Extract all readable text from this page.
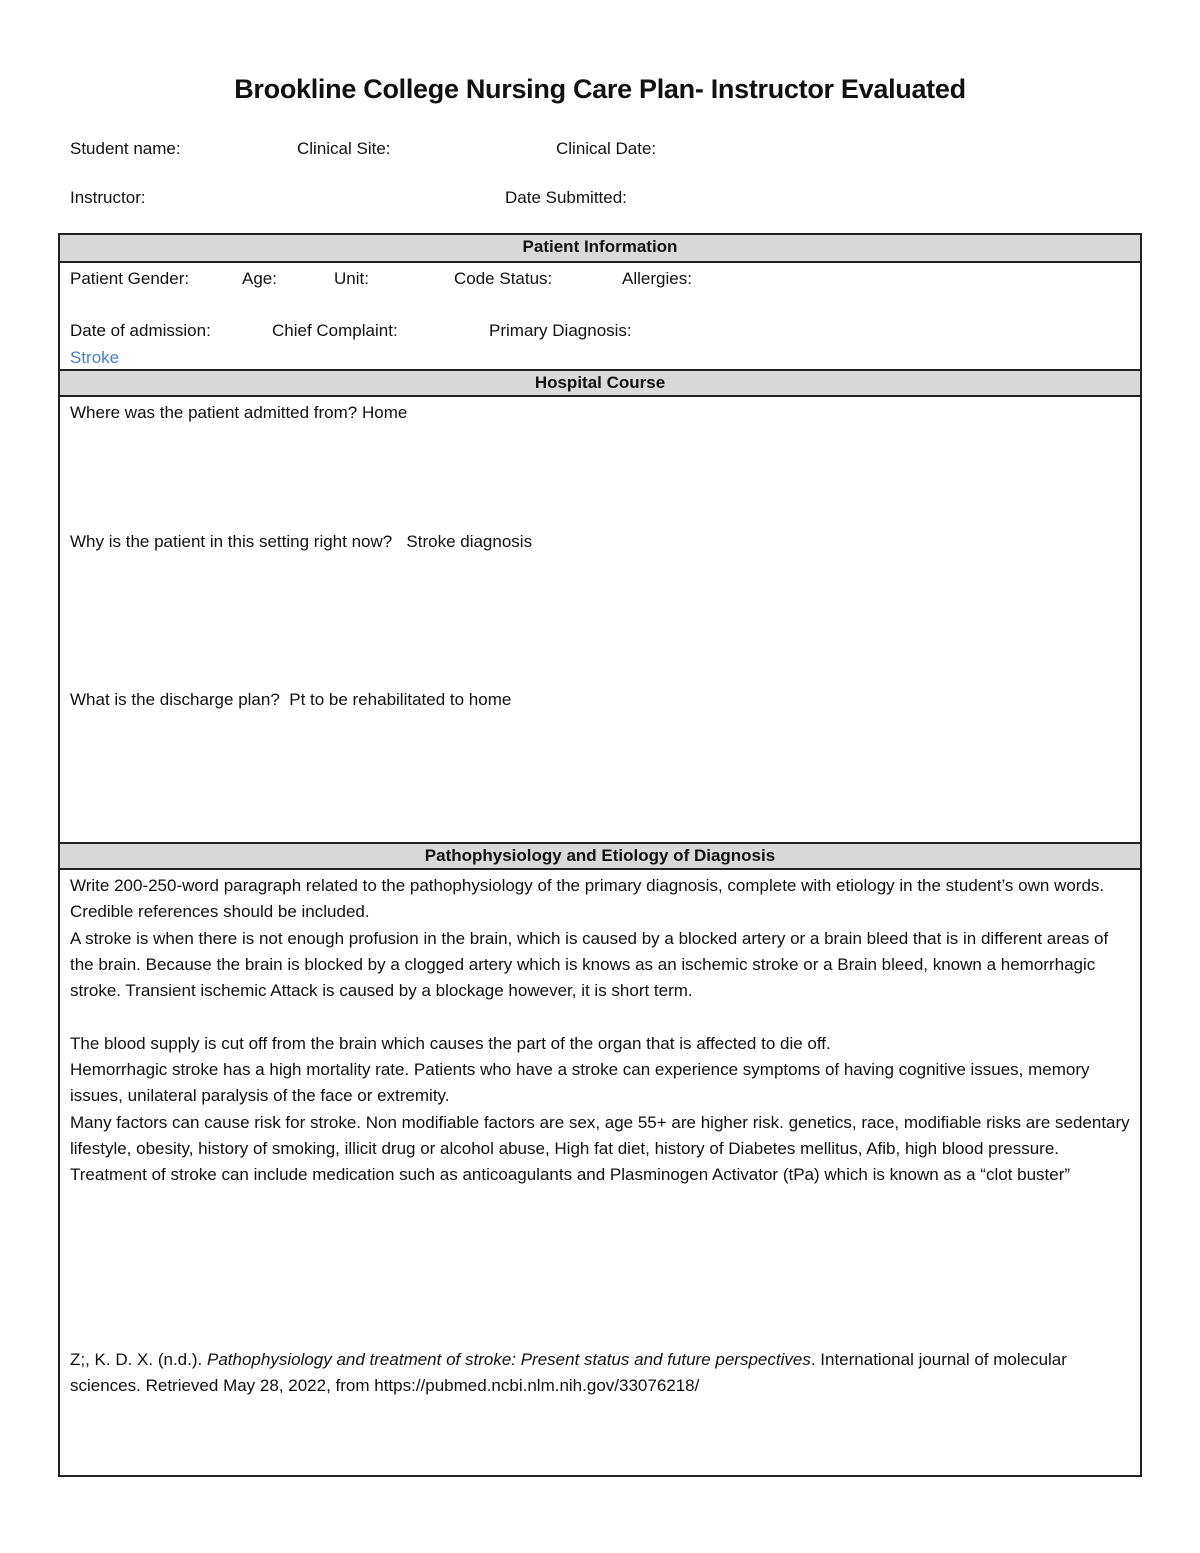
Brookline College Nursing Care Plan- Instructor Evaluated
Student name:	Clinical Site:	Clinical Date:
Instructor:	Date Submitted:
Patient Information
Patient Gender:	Age:	Unit:	Code Status:	Allergies:
Date of admission:	Chief Complaint:	Primary Diagnosis:
Stroke
Hospital Course
Where was the patient admitted from? Home
Why is the patient in this setting right now?   Stroke diagnosis
What is the discharge plan?  Pt to be rehabilitated to home
Pathophysiology and Etiology of Diagnosis

Write 200-250-word paragraph related to the pathophysiology of the primary diagnosis, complete with etiology in the student’s own words. Credible references should be included.

A stroke is when there is not enough profusion in the brain, which is caused by a blocked artery or a brain bleed that is in different areas of the brain. Because the brain is blocked by a clogged artery which is knows as an ischemic stroke or a Brain bleed, known a hemorrhagic stroke. Transient ischemic Attack is caused by a blockage however, it is short term.

The blood supply is cut off from the brain which causes the part of the organ that is affected to die off.

Hemorrhagic stroke has a high mortality rate. Patients who have a stroke can experience symptoms of having cognitive issues, memory issues, unilateral paralysis of the face or extremity.

Many factors can cause risk for stroke. Non modifiable factors are sex, age 55+ are higher risk. genetics, race, modifiable risks are sedentary lifestyle, obesity, history of smoking, illicit drug or alcohol abuse, High fat diet, history of Diabetes mellitus, Afib, high blood pressure.

Treatment of stroke can include medication such as anticoagulants and Plasminogen Activator (tPa) which is known as a “clot buster”

Z;, K. D. X. (n.d.). Pathophysiology and treatment of stroke: Present status and future perspectives. International journal of molecular sciences. Retrieved May 28, 2022, from https://pubmed.ncbi.nlm.nih.gov/33076218/
